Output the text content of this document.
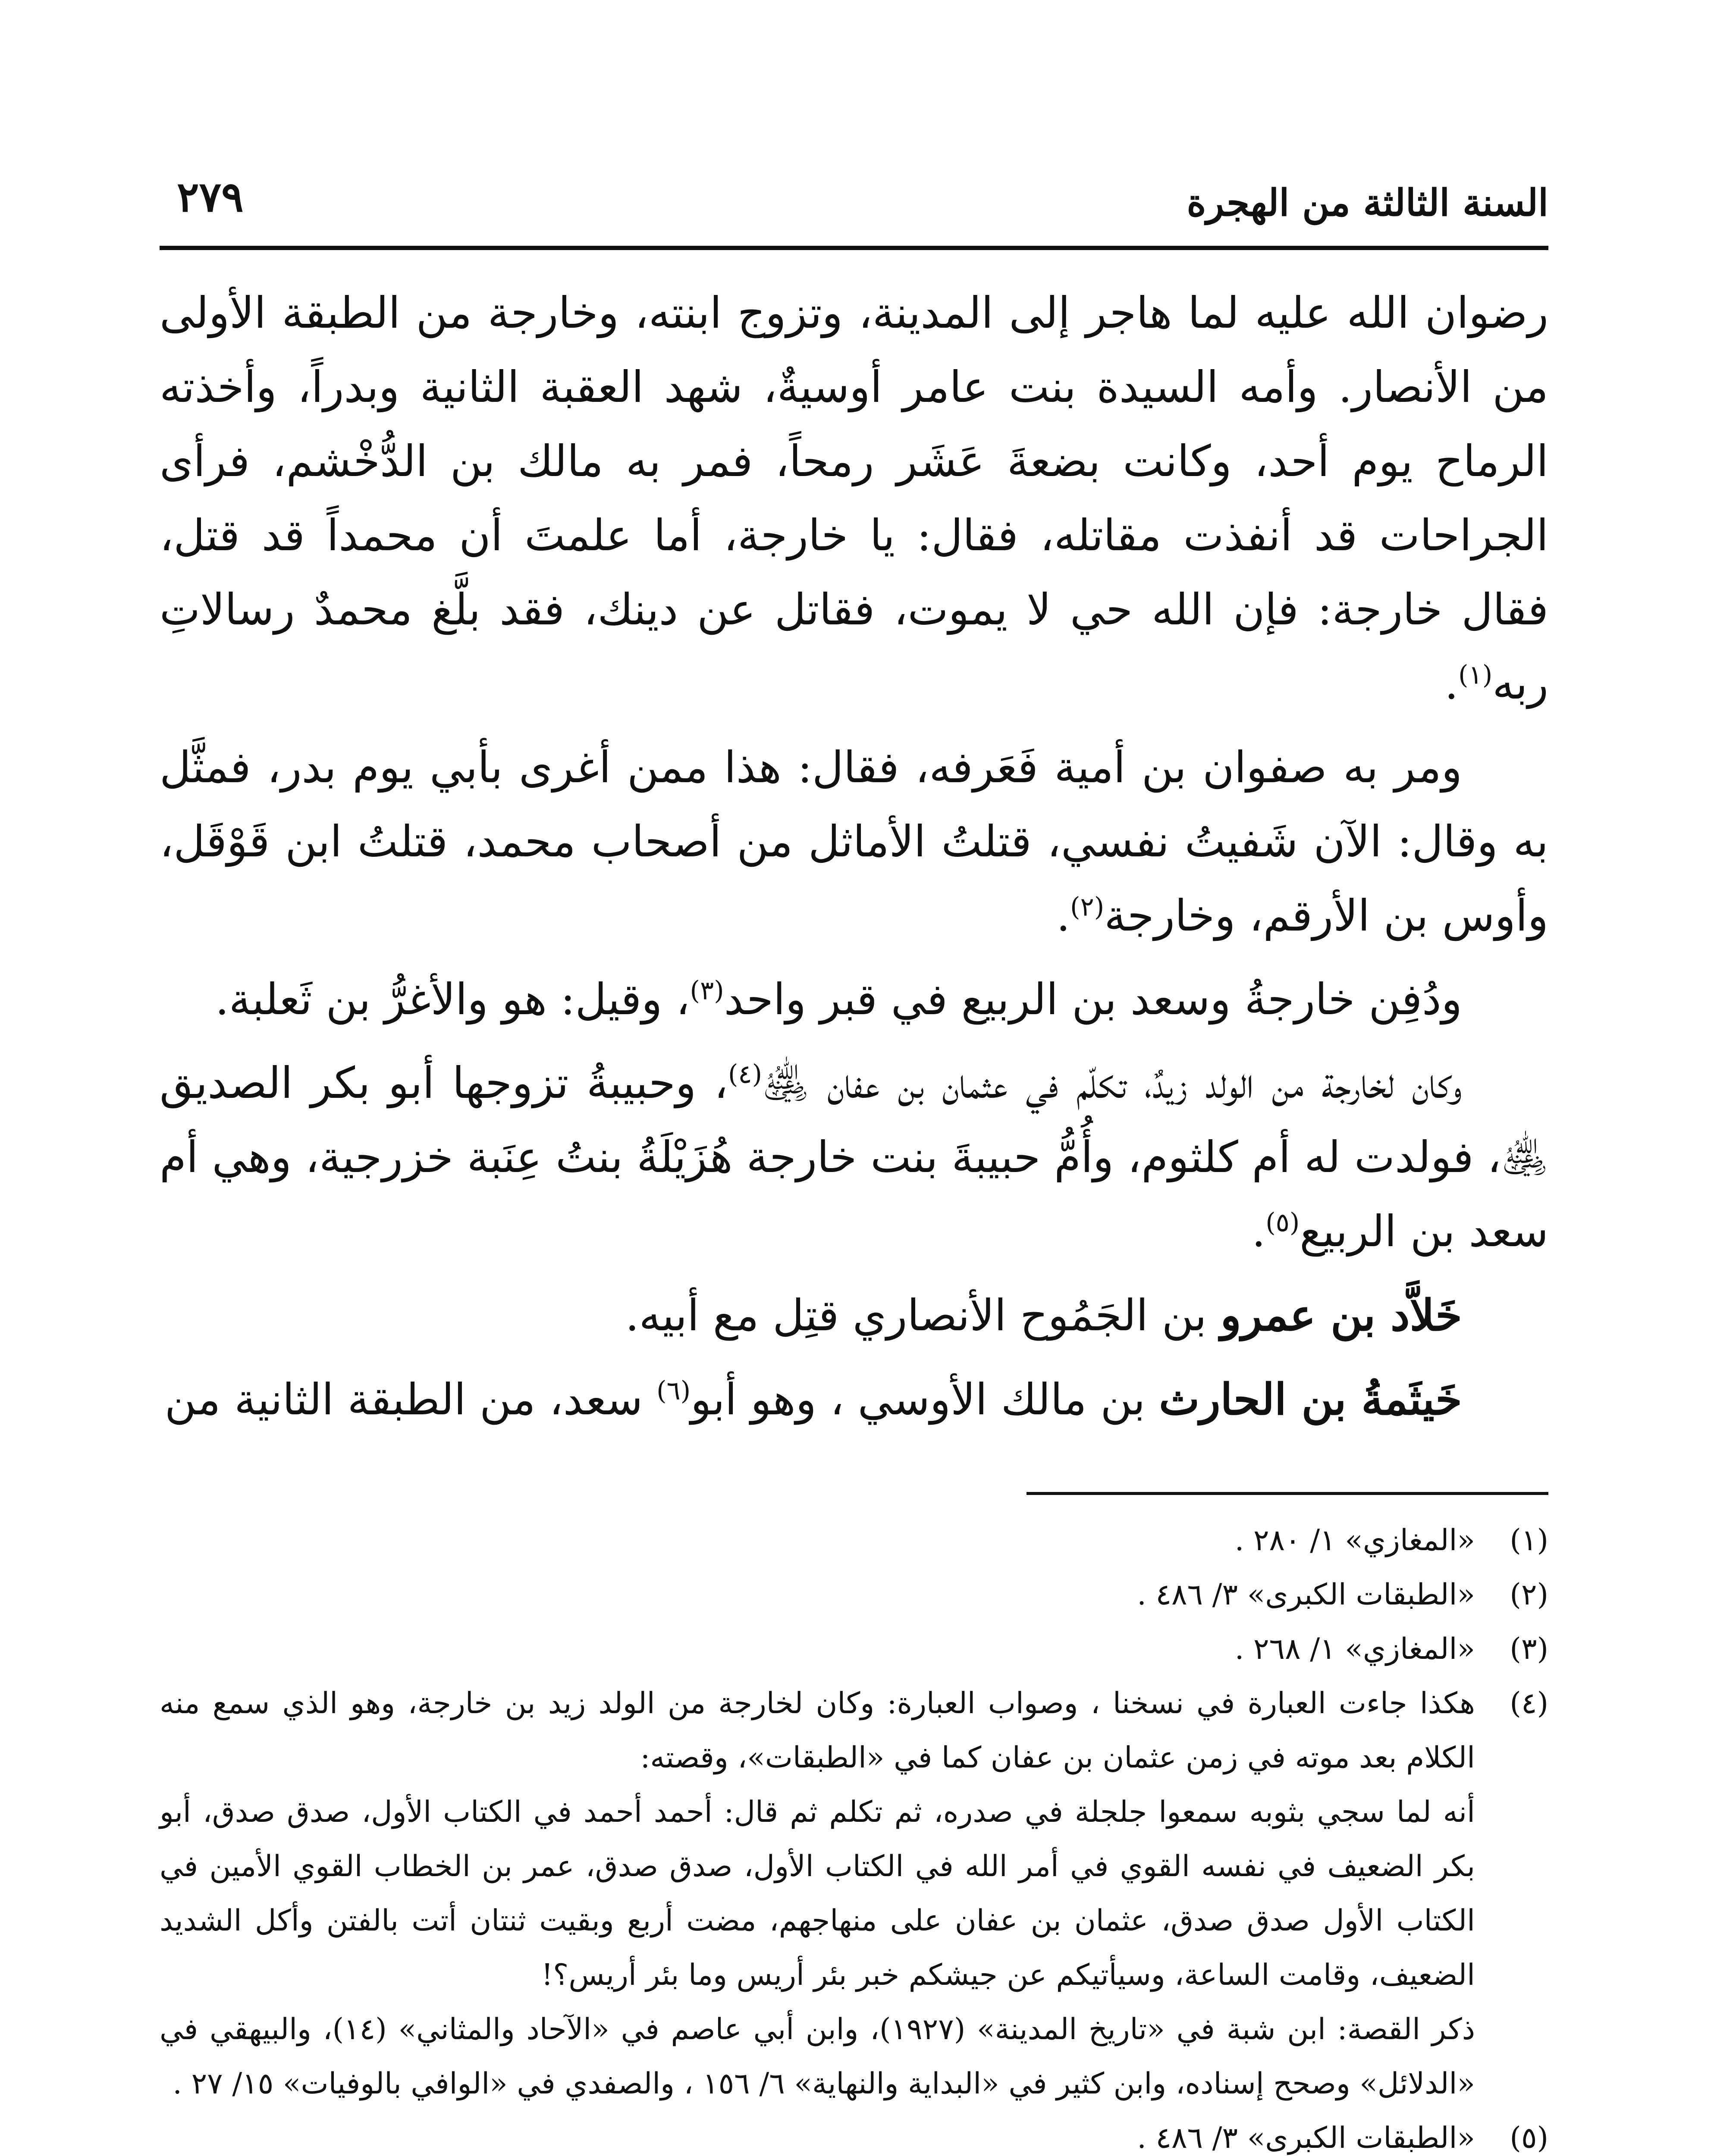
السنة الثالثة من الهجرة
٢٧٩

رضوان الله عليه لما هاجر إلى المدينة، وتزوج ابنته، وخارجة من الطبقة الأولى من الأنصار. وأمه السيدة بنت عامر أوسيةٌ، شهد العقبة الثانية وبدراً، وأخذته الرماح يوم أحد، وكانت بضعةَ عَشَر رمحاً، فمر به مالك بن الدُّخْشم، فرأى الجراحات قد أنفذت مقاتله، فقال: يا خارجة، أما علمتَ أن محمداً قد قتل، فقال خارجة: فإن الله حي لا يموت، فقاتل عن دينك، فقد بلَّغ محمدٌ رسالاتِ ربه$^{(١)}$.

ومر به صفوان بن أمية فَعَرفه، فقال: هذا ممن أغرى بأبي يوم بدر، فمثَّل به وقال: الآن شَفيتُ نفسي، قتلتُ الأماثل من أصحاب محمد، قتلتُ ابن قَوْقَل، وأوس بن الأرقم، وخارجة$^{(٢)}$.

ودُفِن خارجةُ وسعد بن الربيع في قبر واحد$^{(٣)}$، وقيل: هو والأغرُّ بن ثَعلبة.

وكان لخارجة من الولد زيدٌ، تكلّم في عثمان بن عفان ﵁$^{(٤)}$، وحبيبةُ تزوجها أبو بكر الصديق ﵁، فولدت له أم كلثوم، وأُمُّ حبيبةَ بنت خارجة هُزَيْلَةُ بنتُ عِنَبة خزرجية، وهي أم سعد بن الربيع$^{(٥)}$.

خَلاَّد بن عمرو بن الجَمُوح الأنصاري قتِل مع أبيه.

خَيثَمةُ بن الحارث بن مالك الأوسي ، وهو أبو$^{(٦)}$ سعد، من الطبقة الثانية من

(١)
«المغازي» ١/ ٢٨٠ .
(٢)
«الطبقات الكبرى» ٣/ ٤٨٦ .
(٣)
«المغازي» ١/ ٢٦٨ .
(٤)

هكذا جاءت العبارة في نسخنا ، وصواب العبارة: وكان لخارجة من الولد زيد بن خارجة، وهو الذي سمع منه الكلام بعد موته في زمن عثمان بن عفان كما في «الطبقات»، وقصته:

أنه لما سجي بثوبه سمعوا جلجلة في صدره، ثم تكلم ثم قال: أحمد أحمد في الكتاب الأول، صدق صدق، أبو بكر الضعيف في نفسه القوي في أمر الله في الكتاب الأول، صدق صدق، عمر بن الخطاب القوي الأمين في الكتاب الأول صدق صدق، عثمان بن عفان على منهاجهم، مضت أربع وبقيت ثنتان أتت بالفتن وأكل الشديد الضعيف، وقامت الساعة، وسيأتيكم عن جيشكم خبر بئر أريس وما بئر أريس؟!

ذكر القصة: ابن شبة في «تاريخ المدينة» (١٩٢٧)، وابن أبي عاصم في «الآحاد والمثاني» (١٤)، والبيهقي في «الدلائل» وصحح إسناده، وابن كثير في «البداية والنهاية» ٦/ ١٥٦ ، والصفدي في «الوافي بالوفيات» ١٥/ ٢٧ .

(٥)
«الطبقات الكبرى» ٣/ ٤٨٦ .
